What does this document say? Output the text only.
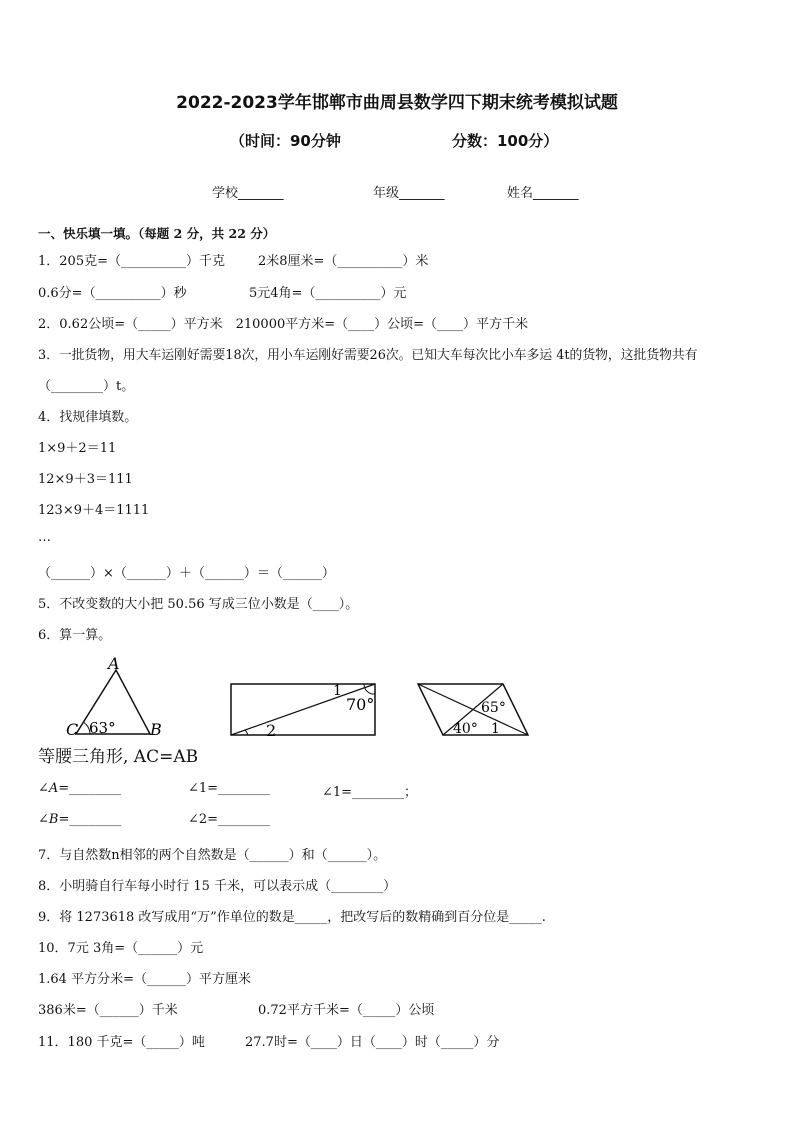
2022-2023学年邯郸市曲周县数学四下期末统考模拟试题
（时间：90分钟	分数：100分）
学校_______	年级_______	姓名_______
一、快乐填一填。（每题 2 分，共 22 分）
1．205克=（__________）千克	2米8厘米=（__________）米
0.6分=（__________）秒	5元4角=（__________）元
2．0.62公顷=（_____）平方米　210000平方米=（____）公顷=（____）平方千米
3．一批货物，用大车运刚好需要18次，用小车运刚好需要26次。已知大车每次比小车多运 4t的货物，这批货物共有
（________）t。
4．找规律填数。
1×9＋2＝11
12×9＋3＝111
123×9＋4＝1111
…
（______）×（______）＋（______）＝（______）
5．不改变数的大小把 50.56 写成三位小数是（____）。
6．算一算。
A
C	B
63°
1
70°
2
65°
40° 1
等腰三角形, AC=AB
∠A=________	∠1=________	∠1=________；
∠B=________	∠2=________
7．与自然数n相邻的两个自然数是（______）和（______）。
8．小明骑自行车每小时行 15 千米，可以表示成（________）
9．将 1273618 改写成用“万”作单位的数是_____，把改写后的数精确到百分位是_____.
10．7元 3角=（______）元
1.64 平方分米=（______）平方厘米
386米=（______）千米	0.72平方千米=（_____）公顷
11．180 千克=（_____）吨	27.7时=（____）日（____）时（_____）分
